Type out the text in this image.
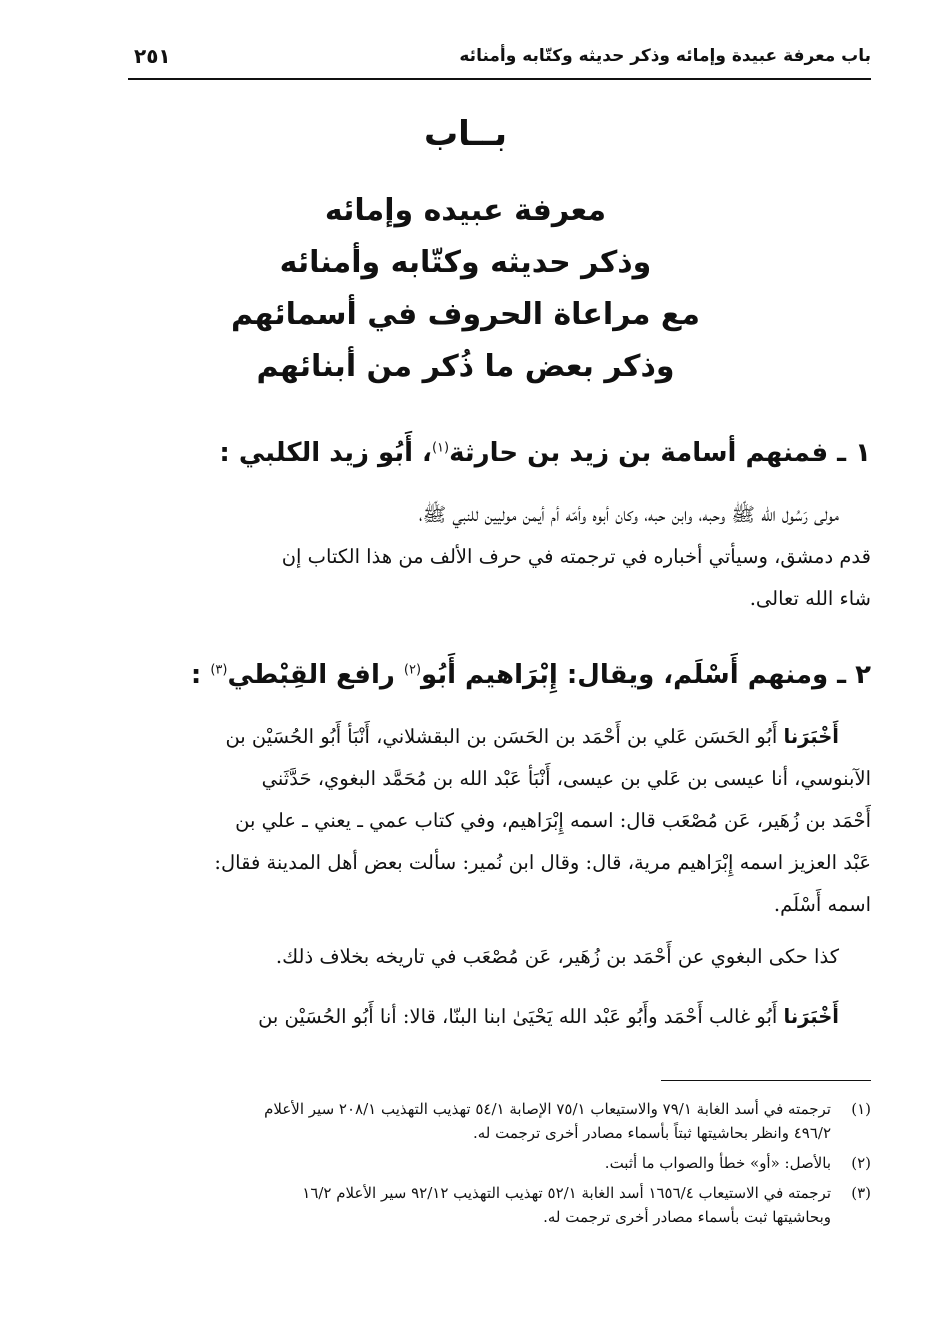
باب معرفة عبيدة وإمائه وذكر حديثه وكتّابه وأمنائه
٢٥١
بــاب
معرفة عبيده وإمائه
وذكر حديثه وكتّابه وأمنائه
مع مراعاة الحروف في أسمائهم
وذكر بعض ما ذُكر من أبنائهم
١ ـ فمنهم أسامة بن زيد بن حارثة$^{(١)}$، أَبُو زيد الكلبي :
مولى رَسُول الله ﷺ وحبه، وابن حبه، وكان أبوه وأمّه أم أيمن موليين للنبي ﷺ،
قدم دمشق، وسيأتي أخباره في ترجمته في حرف الألف من هذا الكتاب إن
شاء الله تعالى.
٢ ـ ومنهم أَسْلَم، ويقال: إِبْرَاهيم أَبُو$^{(٢)}$ رافع القِبْطي$^{(٣)}$ :
أَخْبَرَنا أَبُو الحَسَن عَلي بن أَحْمَد بن الحَسَن بن البقشلاني، أَنْبَأ أَبُو الحُسَيْن بن
الآبنوسي، أنا عيسى بن عَلي بن عيسى، أَنْبَأ عَبْد الله بن مُحَمَّد البغوي، حَدَّثَني
أَحْمَد بن زُهَير، عَن مُصْعَب قال: اسمه إِبْرَاهيم، وفي كتاب عمي ـ يعني ـ علي بن
عَبْد العزيز اسمه إِبْرَاهيم مرية، قال: وقال ابن نُمير: سألت بعض أهل المدينة فقال:
اسمه أَسْلَم.
كذا حكى البغوي عن أَحْمَد بن زُهَير، عَن مُصْعَب في تاريخه بخلاف ذلك.
أَخْبَرَنا أَبُو غالب أَحْمَد وأَبُو عَبْد الله يَحْيَىٰ ابنا البنّا، قالا: أنا أَبُو الحُسَيْن بن
(١)
ترجمته في أسد الغابة ٧٩/١ والاستيعاب ٧٥/١ الإصابة ٥٤/١ تهذيب التهذيب ٢٠٨/١ سير الأعلام
٤٩٦/٢ وانظر بحاشيتها ثبتاً بأسماء مصادر أخرى ترجمت له.
(٢)
بالأصل: «أو» خطأ والصواب ما أثبت.
(٣)
ترجمته في الاستيعاب ١٦٥٦/٤ أسد الغابة ٥٢/١ تهذيب التهذيب ٩٢/١٢ سير الأعلام ١٦/٢
وبحاشيتها ثبت بأسماء مصادر أخرى ترجمت له.
